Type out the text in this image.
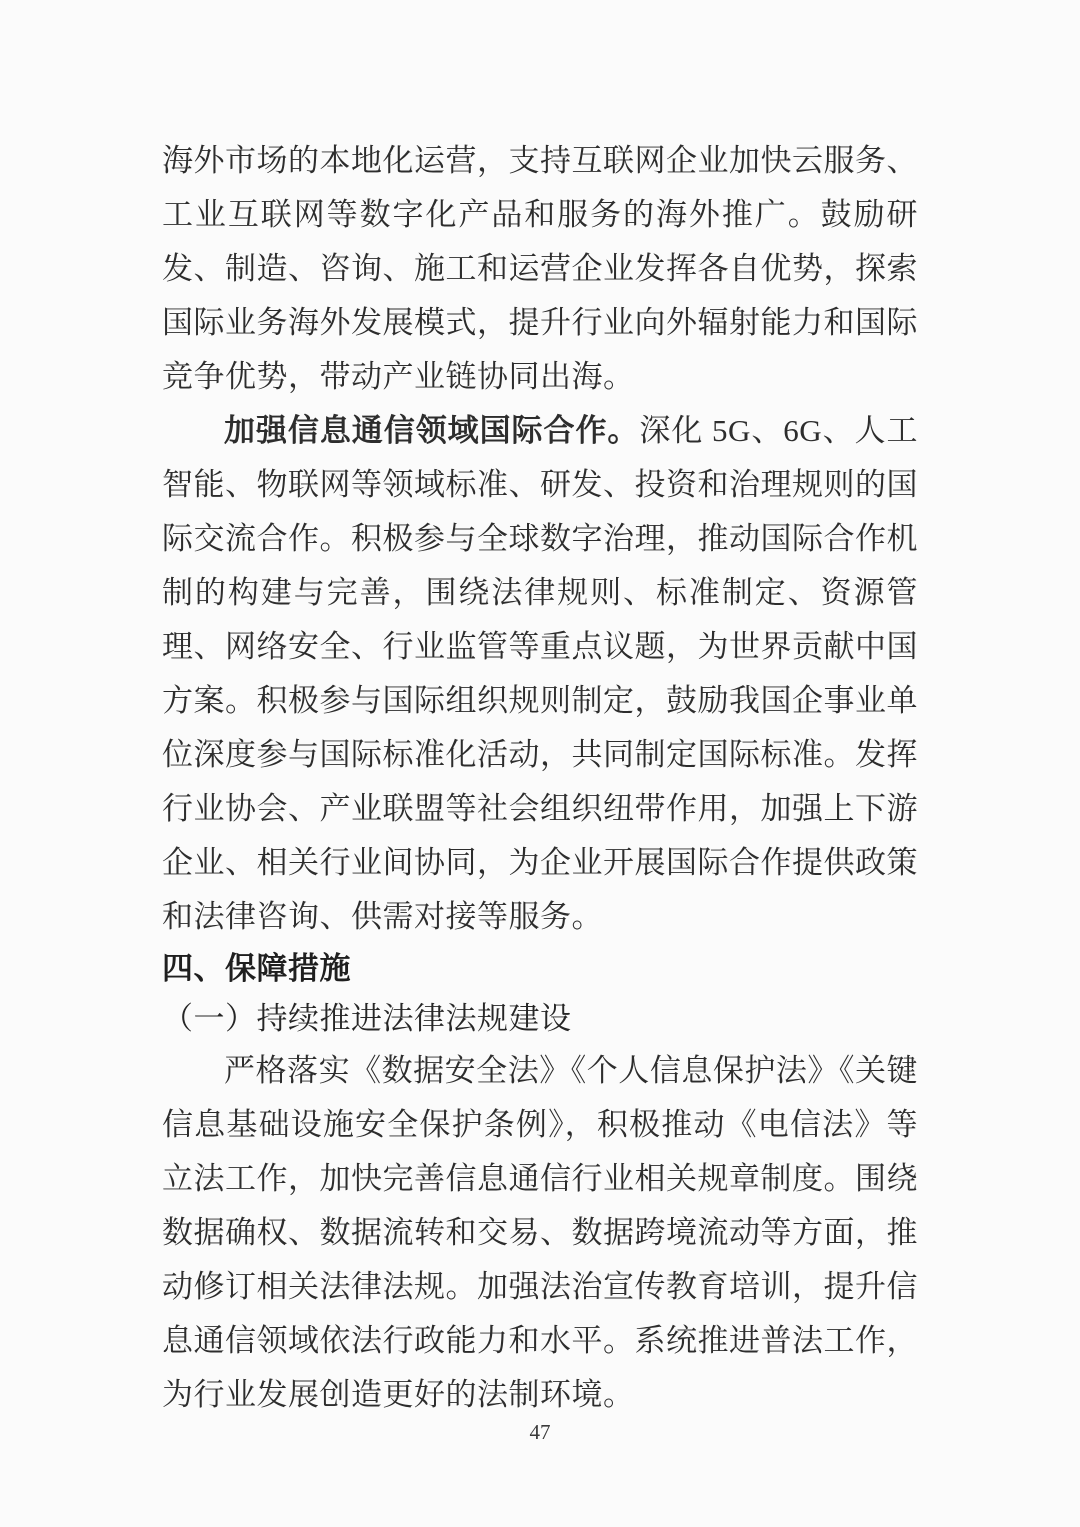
海外市场的本地化运营，支持互联网企业加快云服务、工业互联网等数字化产品和服务的海外推广。鼓励研发、制造、咨询、施工和运营企业发挥各自优势，探索国际业务海外发展模式，提升行业向外辐射能力和国际竞争优势，带动产业链协同出海。

加强信息通信领域国际合作。深化 5G、6G、人工智能、物联网等领域标准、研发、投资和治理规则的国际交流合作。积极参与全球数字治理，推动国际合作机制的构建与完善，围绕法律规则、标准制定、资源管理、网络安全、行业监管等重点议题，为世界贡献中国方案。积极参与国际组织规则制定，鼓励我国企事业单位深度参与国际标准化活动，共同制定国际标准。发挥行业协会、产业联盟等社会组织纽带作用，加强上下游企业、相关行业间协同，为企业开展国际合作提供政策和法律咨询、供需对接等服务。

四、保障措施
（一）持续推进法律法规建设

严格落实《数据安全法》《个人信息保护法》《关键信息基础设施安全保护条例》，积极推动《电信法》等立法工作，加快完善信息通信行业相关规章制度。围绕数据确权、数据流转和交易、数据跨境流动等方面，推动修订相关法律法规。加强法治宣传教育培训，提升信息通信领域依法行政能力和水平。系统推进普法工作，为行业发展创造更好的法制环境。

47
